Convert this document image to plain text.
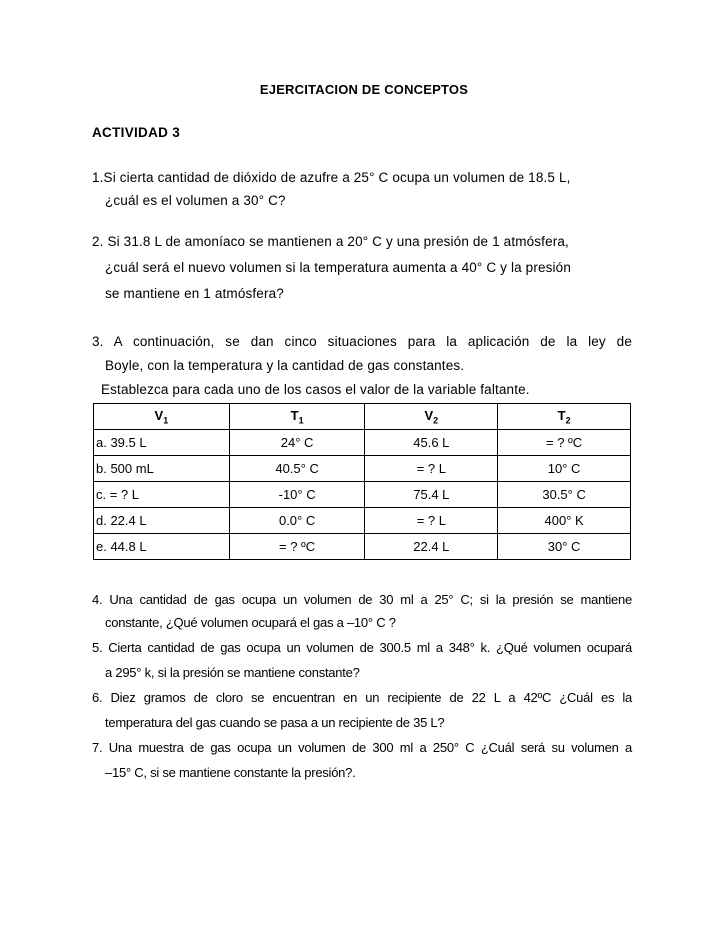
EJERCITACION DE CONCEPTOS
ACTIVIDAD 3
1.Si cierta cantidad de dióxido de azufre a 25° C ocupa un volumen de 18.5 L,
¿cuál es el volumen a 30° C?
2. Si 31.8 L de amoníaco se mantienen a 20° C y una presión de 1 atmósfera,
¿cuál será el nuevo volumen si la temperatura aumenta a 40° C y la presión
se mantiene en 1 atmósfera?
3. A continuación, se dan cinco situaciones para la aplicación de la ley de
Boyle, con la temperatura y la cantidad de gas constantes.
Establezca para cada uno de los casos el valor de la variable faltante.
$V_1$	$T_1$	$V_2$	$T_2$
a. 39.5 L	24° C	45.6 L	= ? ºC
b. 500 mL	40.5° C	= ? L	10° C
c. = ? L	-10° C	75.4 L	30.5° C
d. 22.4 L	0.0° C	= ? L	400° K
e. 44.8 L	= ? ºC	22.4 L	30° C
4. Una cantidad de gas ocupa un volumen de 30 ml a 25° C; si la presión se mantiene
constante, ¿Qué volumen ocupará el gas a –10° C ?
5. Cierta cantidad de gas ocupa un volumen de 300.5 ml a 348° k. ¿Qué volumen ocupará
a 295° k, si la presión se mantiene constante?
6. Diez gramos de cloro se encuentran en un recipiente de 22 L a 42ºC ¿Cuál es la
temperatura del gas cuando se pasa a un recipiente de 35 L?
7. Una muestra de gas ocupa un volumen de 300 ml a 250° C ¿Cuál será su volumen a
–15° C, si se mantiene constante la presión?.
